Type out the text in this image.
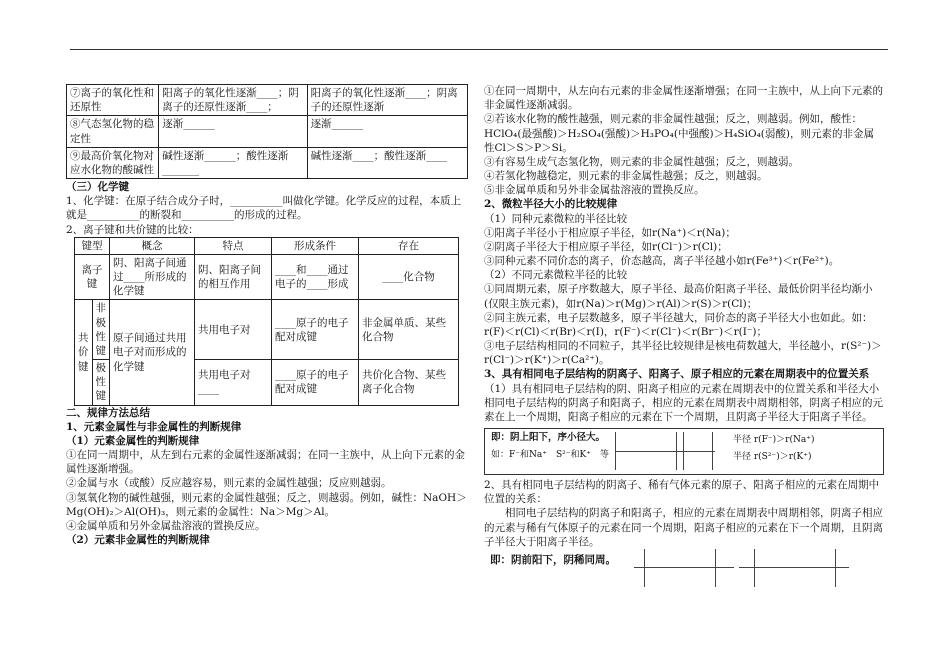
⑦离子的氧化性和还原性	阳离子的氧化性逐渐____；阴离子的还原性逐渐____；	阳离子的氧化性逐渐____；阴离子的还原性逐渐
⑧气态氢化物的稳定性	逐渐______	逐渐______
⑨最高价氧化物对应水化物的酸碱性	碱性逐渐______；酸性逐渐_______	碱性逐渐____；酸性逐渐____

（三）化学键

1、化学键：在原子结合成分子时，__________叫做化学键。化学反应的过程，本质上就是__________的断裂和__________的形成的过程。

2、离子键和共价键的比较：

键型		概念	特点	形成条件	存在
离子键		阴、阳离子间通过____所形成的化学键	阴、阳离子间的相互作用	____和____通过电子的____形成	____化合物
共价键	非极性键	原子间通过共用电子对而形成的化学键	共用电子对	____原子的电子配对成键	非金属单质、某些化合物
	极性键		共用电子对____	____原子的电子配对成键	共价化合物、某些离子化合物

二、规律方法总结

1、元素金属性与非金属性的判断规律

（1）元素金属性的判断规律

①在同一周期中，从左到右元素的金属性逐渐减弱；在同一主族中，从上向下元素的金属性逐渐增强。

②金属与水（或酸）反应越容易，则元素的金属性越强；反应则越弱。

③氢氧化物的碱性越强，则元素的金属性越强；反之，则越弱。例如，碱性：NaOH＞Mg(OH)₂＞Al(OH)₃，则元素的金属性：Na＞Mg＞Al。

④金属单质和另外金属盐溶液的置换反应。

（2）元素非金属性的判断规律

①在同一周期中，从左向右元素的非金属性逐渐增强；在同一主族中，从上向下元素的非金属性逐渐减弱。

②若该水化物的酸性越强，则元素的非金属性越强；反之，则越弱。例如，酸性：HClO₄(最强酸)＞H₂SO₄(强酸)＞H₃PO₄(中强酸)＞H₄SiO₄(弱酸)，则元素的非金属性Cl＞S＞P＞Si。

③有容易生成气态氢化物，则元素的非金属性越强；反之，则越弱。

④若氢化物越稳定，则元素的非金属性越强；反之，则越弱。

⑤非金属单质和另外非金属盐溶液的置换反应。

2、微粒半径大小的比较规律

（1）同种元素微粒的半径比较

①阳离子半径小于相应原子半径，如r(Na⁺)＜r(Na)；

②阴离子半径大于相应原子半径，如r(Cl⁻)＞r(Cl)；

③同种元素不同价态的离子，价态越高，离子半径越小如r(Fe³⁺)＜r(Fe²⁺)。

（2）不同元素微粒半径的比较

①同周期元素，原子序数越大，原子半径、最高价阳离子半径、最低价阴半径均渐小(仅限主族元素)，如r(Na)＞r(Mg)＞r(Al)＞r(S)＞r(Cl)；

②同主族元素，电子层数越多，原子半径越大，同价态的离子半径大小也如此。如：r(F)＜r(Cl)＜r(Br)＜r(I)，r(F⁻)＜r(Cl⁻)＜r(Br⁻)＜r(I⁻)；

③电子层结构相同的不同粒子，其半径比较规律是核电荷数越大，半径越小，r(S²⁻)＞r(Cl⁻)＞r(K⁺)＞r(Ca²⁺)。

3、具有相同电子层结构的阴离子、阳离子、原子相应的元素在周期表中的位置关系

（1）具有相同电子层结构的阴、阳离子相应的元素在周期表中的位置关系和半径大小相同电子层结构的阴离子和阳离子，相应的元素在周期表中周期相邻，阴离子相应的元素在上一个周期，阳离子相应的元素在下一个周期，且阴离子半径大于阳离子半径。

即：阴上阳下，序小径大。
如：F⁻和Na⁺　S²⁻和K⁺　等
半径 r(F⁻)＞r(Na⁺)
半径 r(S²⁻)＞r(K⁺)

2、具有相同电子层结构的阴离子、稀有气体元素的原子、阳离子相应的元素在周期中位置的关系：

相同电子层结构的阴离子和阳离子，相应的元素在周期表中周期相邻，阴离子相应的元素与稀有气体原子的元素在同一个周期，阳离子相应的元素在下一个周期，且阴离子半径大于阳离子半径。

即：阴前阳下，阴稀同周。
